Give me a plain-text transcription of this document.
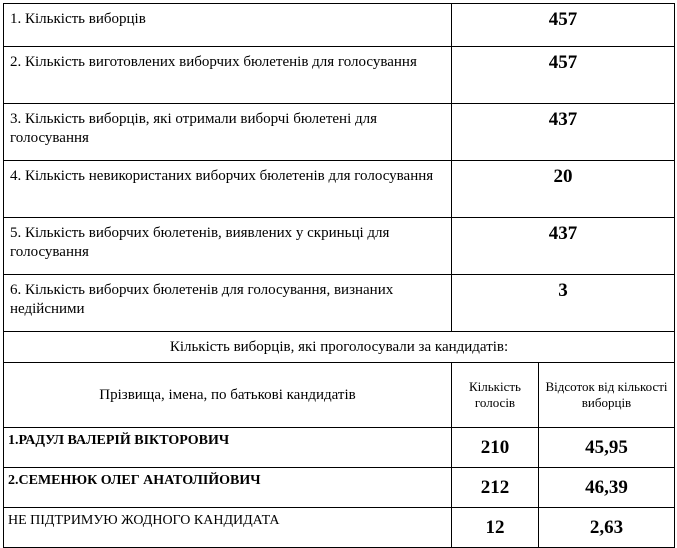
1. Кількість виборців	457	
2. Кількість виготовлених виборчих бюлетенів для голосування	457	
3. Кількість виборців, які отримали виборчі бюлетені для голосування	437	
4. Кількість невикористаних виборчих бюлетенів для голосування	20	
5. Кількість виборчих бюлетенів, виявлених у скриньці для голосування	437	
6. Кількість виборчих бюлетенів для голосування, визнаних недійсними	3	
Кількість виборців, які проголосували за кандидатів:		
Прізвища, імена, по батькові кандидатів	Кількість голосів	Відсоток від кількості виборців
1.РАДУЛ ВАЛЕРІЙ ВІКТОРОВИЧ	210	45,95
2.СЕМЕНЮК ОЛЕГ АНАТОЛІЙОВИЧ	212	46,39
НЕ ПІДТРИМУЮ ЖОДНОГО КАНДИДАТА	12	2,63
